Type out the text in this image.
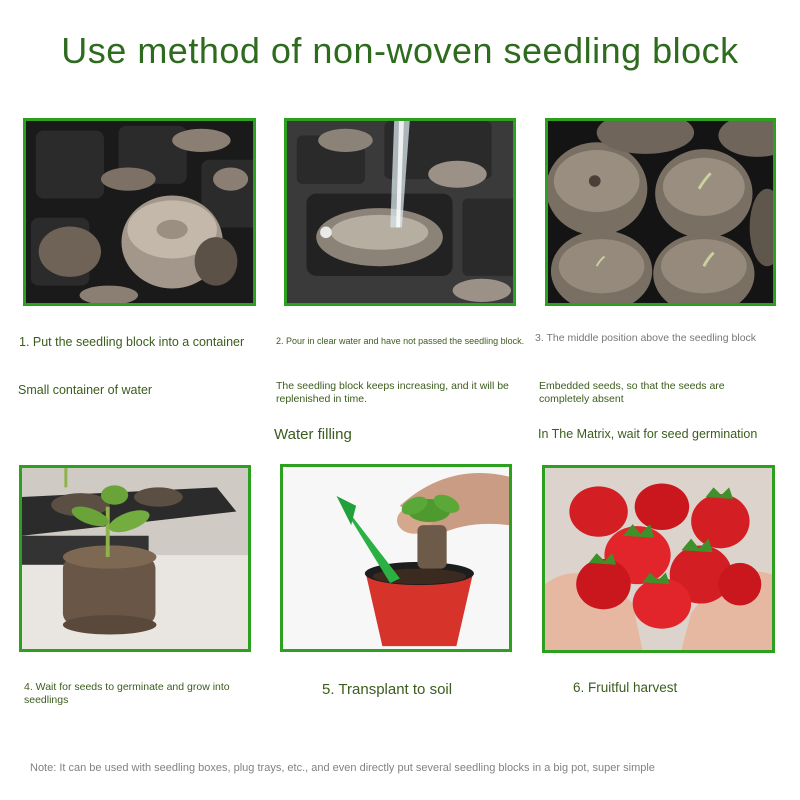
Use method of non-woven seedling block
1. Put the seedling block into a container	2. Pour in clear water and have not passed the seedling block. 3. The middle position above the seedling block
Small container of water	The seedling block keeps increasing, and it will be replenished in time.
Embedded seeds, so that the seeds are completely absent
Water filling	In The Matrix, wait for seed germination
4. Wait for seeds to germinate and grow into seedlings
5. Transplant to soil	6. Fruitful harvest
Note: It can be used with seedling boxes, plug trays, etc., and even directly put several seedling blocks in a big pot, super simple
